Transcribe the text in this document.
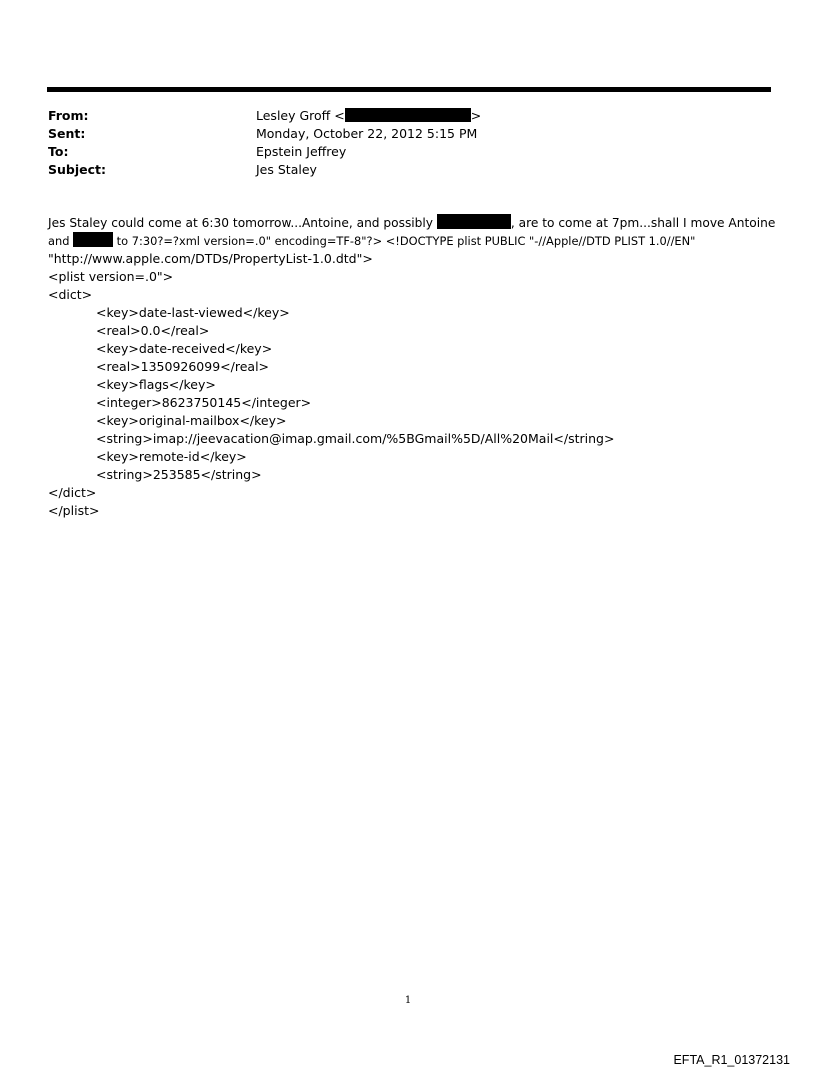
From:	Lesley Groff <	>
Sent:	Monday, October 22, 2012 5:15 PM
To:	Epstein Jeffrey
Subject:	Jes Staley
Jes Staley could come at 6:30 tomorrow...Antoine, and possibly	, are to come at 7pm...shall I move Antoine
and	to 7:30?=?xml version=.0" encoding=TF-8"?> <!DOCTYPE plist PUBLIC "-//Apple//DTD PLIST 1.0//EN"
"http://www.apple.com/DTDs/PropertyList-1.0.dtd">
<plist version=.0">
<dict>
<key>date-last-viewed</key>
<real>0.0</real>
<key>date-received</key>
<real>1350926099</real>
<key>flags</key>
<integer>8623750145</integer>
<key>original-mailbox</key>
<string>imap://jeevacation@imap.gmail.com/%5BGmail%5D/All%20Mail</string>
<key>remote-id</key>
<string>253585</string>
</dict>
</plist>
1
EFTA_R1_01372131
